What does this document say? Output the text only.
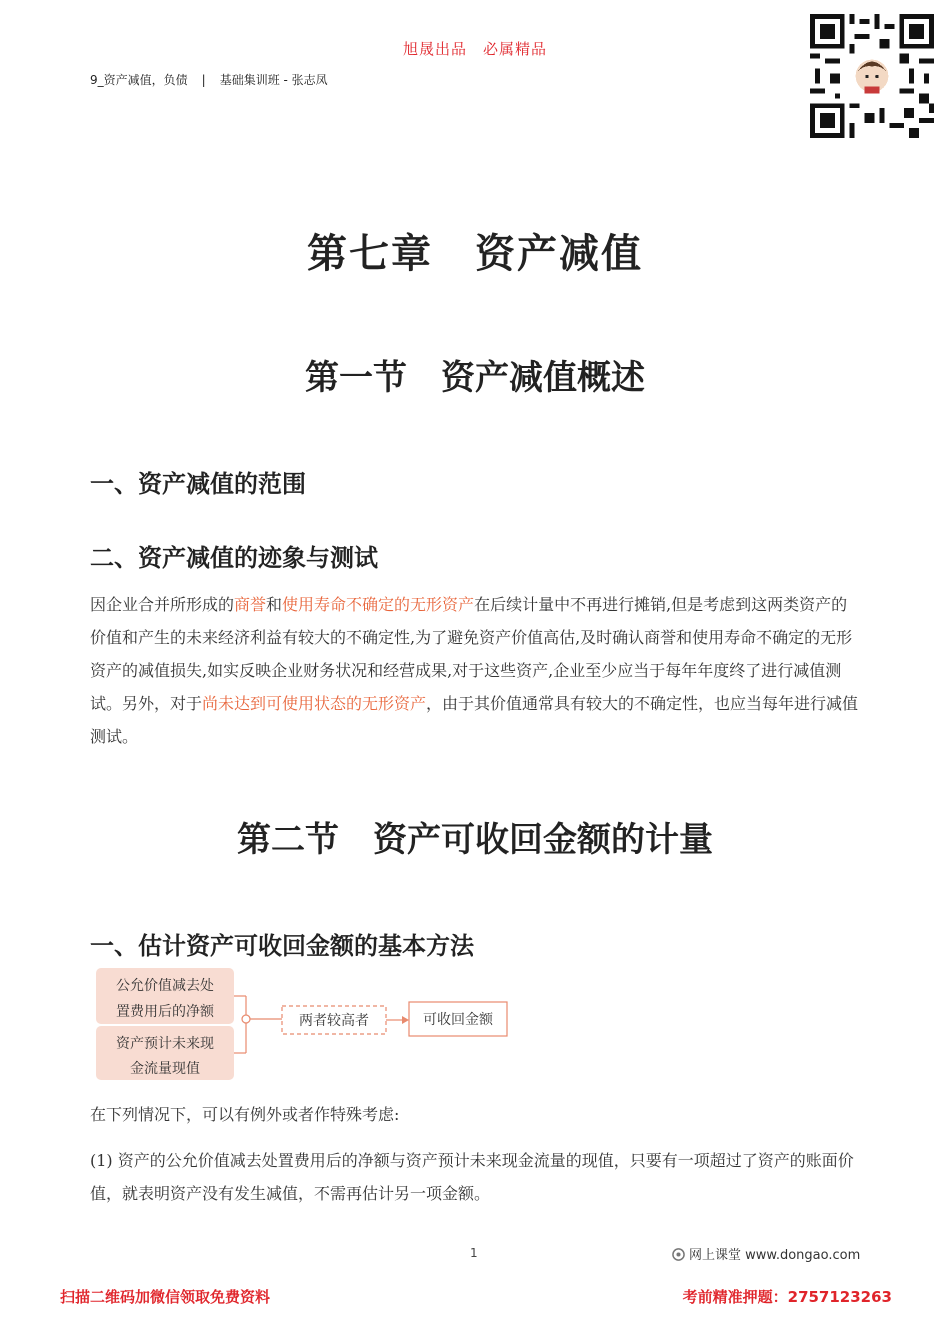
旭晟出品　必属精品
9_资产减值，负债 | 基础集训班 - 张志凤
第七章　资产减值
第一节　资产减值概述
一、资产减值的范围
二、资产减值的迹象与测试
因企业合并所形成的商誉和使用寿命不确定的无形资产在后续计量中不再进行摊销,但是考虑到这两类资产的价值和产生的未来经济利益有较大的不确定性,为了避免资产价值高估,及时确认商誉和使用寿命不确定的无形资产的减值损失,如实反映企业财务状况和经营成果,对于这些资产,企业至少应当于每年年度终了进行减值测试。另外，对于尚未达到可使用状态的无形资产，由于其价值通常具有较大的不确定性，也应当每年进行减值测试。
第二节　资产可收回金额的计量
一、估计资产可收回金额的基本方法
公允价值减去处
置费用后的净额
资产预计未来现
金流量现值
两者较高者	可收回金额
在下列情况下，可以有例外或者作特殊考虑:
(1) 资产的公允价值减去处置费用后的净额与资产预计未来现金流量的现值，只要有一项超过了资产的账面价值，就表明资产没有发生减值，不需再估计另一项金额。
1	网上课堂 www.dongao.com
扫描二维码加微信领取免费资料	考前精准押题：2757123263
